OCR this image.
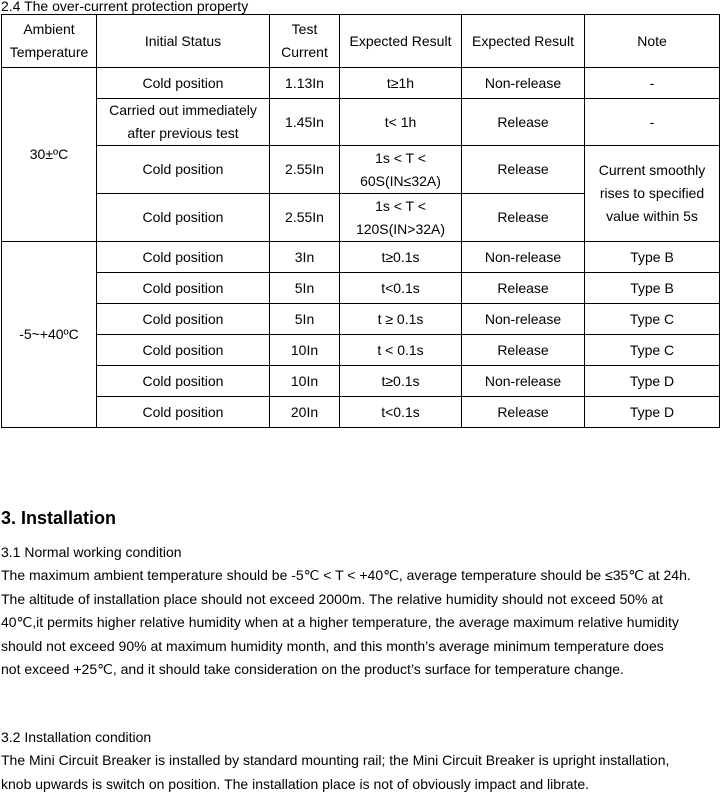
2.4 The over-current protection property
Ambient Temperature	Initial Status	Test Current	Expected Result	Expected Result	Note
30±ºC	Cold position	1.13In	t≥1h	Non-release	-
	Carried out immediately after previous test	1.45In	t< 1h	Release	-
	Cold position	2.55In	1s < T < 60S(IN≤32A)	Release	Current smoothly rises to specified value within 5s
	Cold position	2.55In	1s < T < 120S(IN>32A)	Release	
-5~+40ºC	Cold position	3In	t≥0.1s	Non-release	Type B
	Cold position	5In	t<0.1s	Release	Type B
	Cold position	5In	t ≥ 0.1s	Non-release	Type C
	Cold position	10In	t < 0.1s	Release	Type C
	Cold position	10In	t≥0.1s	Non-release	Type D
	Cold position	20In	t<0.1s	Release	Type D
3. Installation
3.1 Normal working condition
The maximum ambient temperature should be -5℃ < T < +40℃, average temperature should be ≤35℃ at 24h.
The altitude of installation place should not exceed 2000m. The relative humidity should not exceed 50% at
40℃,it permits higher relative humidity when at a higher temperature, the average maximum relative humidity
should not exceed 90% at maximum humidity month, and this month’s average minimum temperature does
not exceed +25℃, and it should take consideration on the product’s surface for temperature change.
3.2 Installation condition
The Mini Circuit Breaker is installed by standard mounting rail; the Mini Circuit Breaker is upright installation,
knob upwards is switch on position. The installation place is not of obviously impact and librate.
